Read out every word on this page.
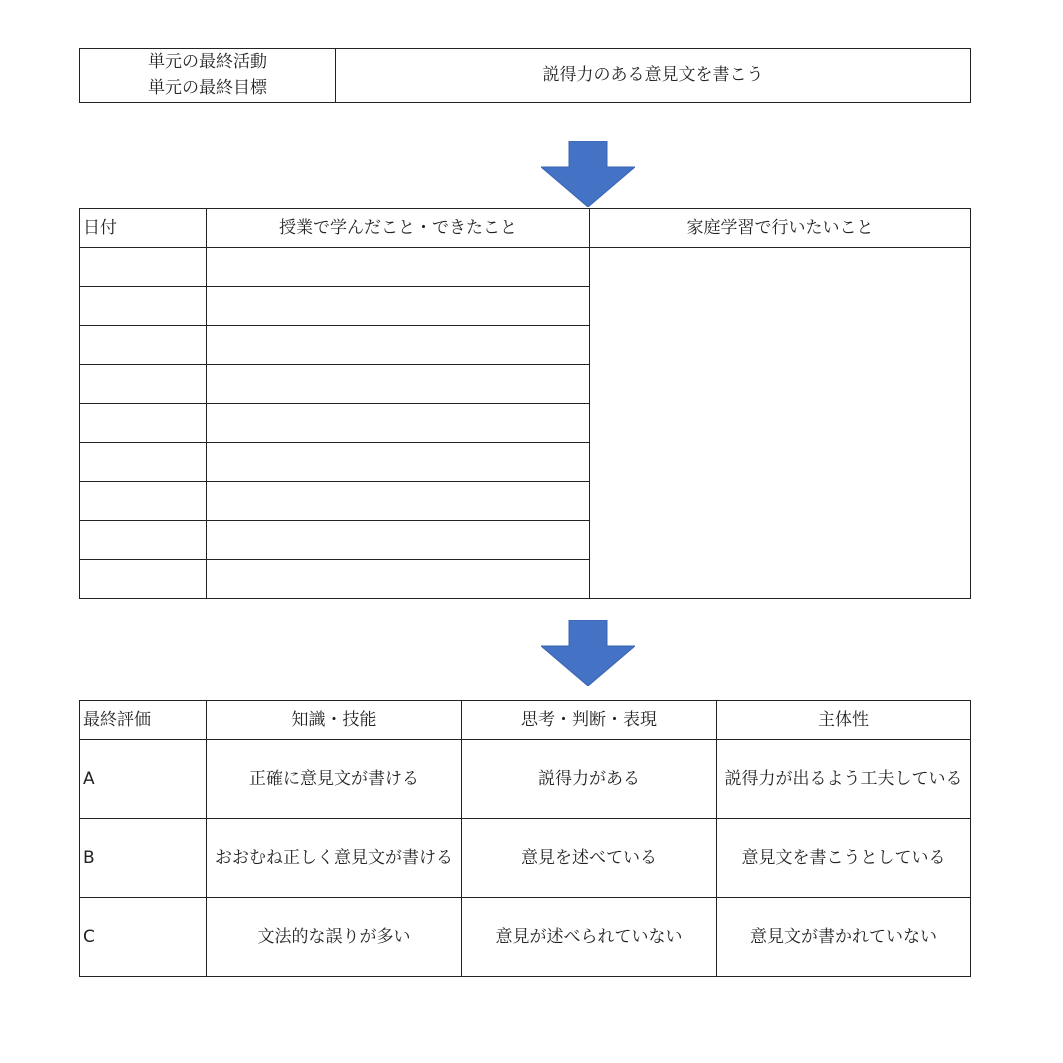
単元の最終活動
単元の最終目標
	説得力のある意見文を書こう

日付	授業で学んだこと・できたこと	家庭学習で行いたいこと

最終評価	知識・技能	思考・判断・表現	主体性
A	正確に意見文が書ける	説得力がある	説得力が出るよう工夫している
B	おおむね正しく意見文が書ける	意見を述べている	意見文を書こうとしている
C	文法的な誤りが多い	意見が述べられていない	意見文が書かれていない
